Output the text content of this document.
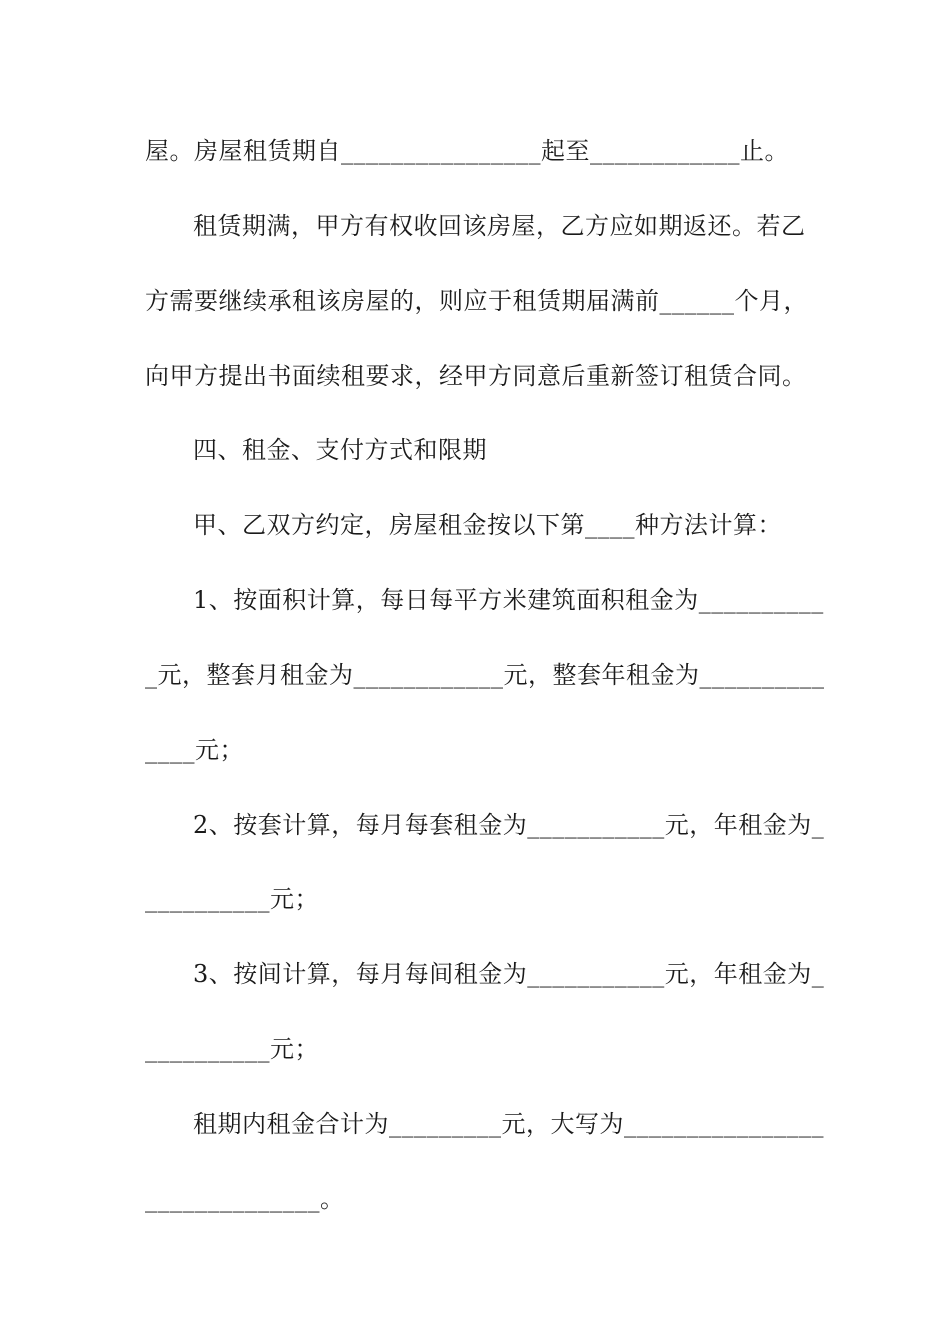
屋。房屋租赁期自________________起至____________止。
租赁期满，甲方有权收回该房屋，乙方应如期返还。若乙
方需要继续承租该房屋的，则应于租赁期届满前______个月，
向甲方提出书面续租要求，经甲方同意后重新签订租赁合同。
四、租金、支付方式和限期
甲、乙双方约定，房屋租金按以下第____种方法计算：
1、按面积计算，每日每平方米建筑面积租金为__________
_元，整套月租金为____________元，整套年租金为__________
____元；
2、按套计算，每月每套租金为___________元，年租金为_
__________元；
3、按间计算，每月每间租金为___________元，年租金为_
__________元；
租期内租金合计为_________元，大写为________________
______________。
